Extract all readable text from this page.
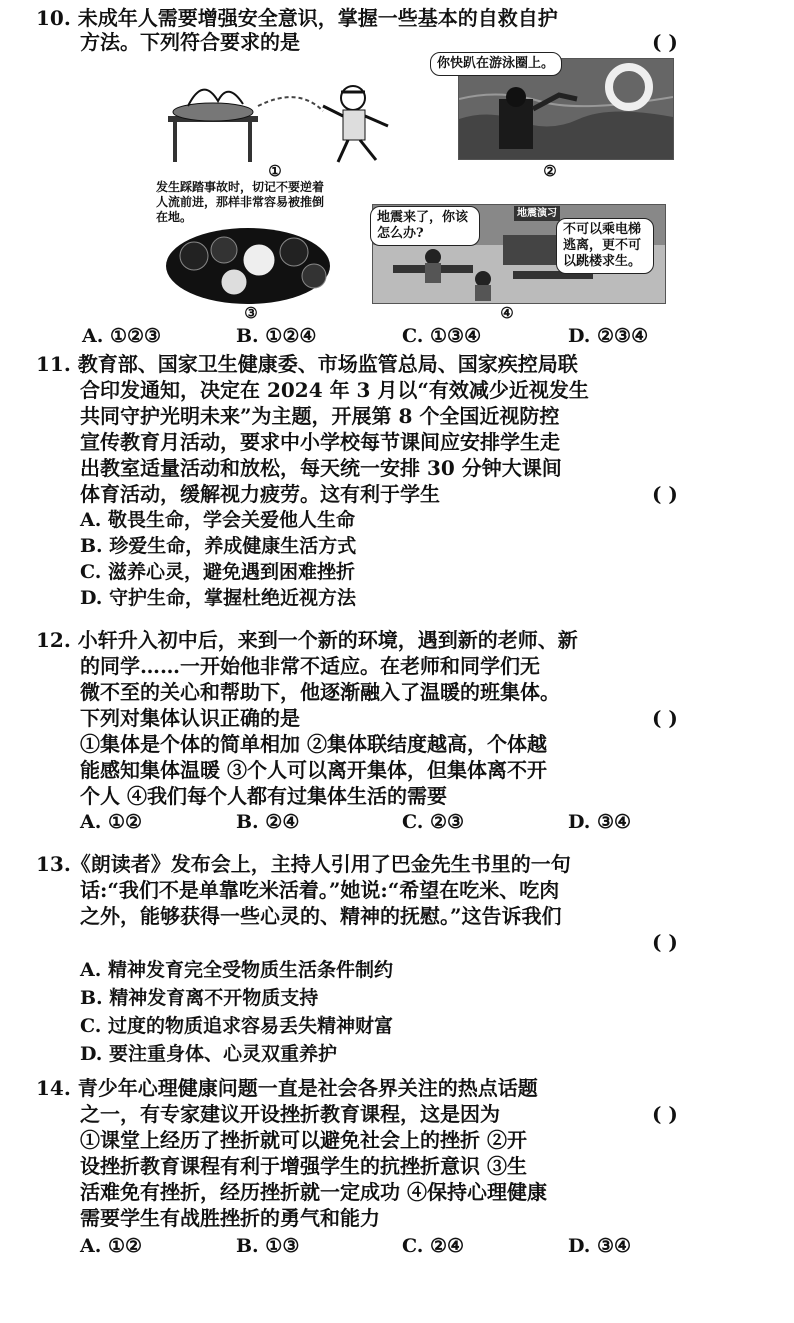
10. 未成年人需要增强安全意识，掌握一些基本的自救自护
方法。下列符合要求的是	( )
①
你快趴在游泳圈上。
②
发生踩踏事故时，切记不要逆着人流前进，那样非常容易被推倒在地。
③
地震演习
地震来了，你该怎么办?	不可以乘电梯逃离，更不可以跳楼求生。
④
A. ①②③	B. ①②④	C. ①③④	D. ②③④
11. 教育部、国家卫生健康委、市场监管总局、国家疾控局联
合印发通知，决定在 2024 年 3 月以“有效减少近视发生
共同守护光明未来”为主题，开展第 8 个全国近视防控
宣传教育月活动，要求中小学校每节课间应安排学生走
出教室适量活动和放松，每天统一安排 30 分钟大课间
体育活动，缓解视力疲劳。这有利于学生	( )
A. 敬畏生命，学会关爱他人生命
B. 珍爱生命，养成健康生活方式
C. 滋养心灵，避免遇到困难挫折
D. 守护生命，掌握杜绝近视方法
12. 小轩升入初中后，来到一个新的环境，遇到新的老师、新
的同学……一开始他非常不适应。在老师和同学们无
微不至的关心和帮助下，他逐渐融入了温暖的班集体。
下列对集体认识正确的是	( )
①集体是个体的简单相加 ②集体联结度越高，个体越
能感知集体温暖 ③个人可以离开集体，但集体离不开
个人 ④我们每个人都有过集体生活的需要
A. ①②	B. ②④	C. ②③	D. ③④
13.《朗读者》发布会上，主持人引用了巴金先生书里的一句
话:“我们不是单靠吃米活着。”她说:“希望在吃米、吃肉
之外，能够获得一些心灵的、精神的抚慰。”这告诉我们
( )
A. 精神发育完全受物质生活条件制约
B. 精神发育离不开物质支持
C. 过度的物质追求容易丢失精神财富
D. 要注重身体、心灵双重养护
14. 青少年心理健康问题一直是社会各界关注的热点话题
之一，有专家建议开设挫折教育课程，这是因为	( )
①课堂上经历了挫折就可以避免社会上的挫折 ②开
设挫折教育课程有利于增强学生的抗挫折意识 ③生
活难免有挫折，经历挫折就一定成功 ④保持心理健康
需要学生有战胜挫折的勇气和能力
A. ①②	B. ①③	C. ②④	D. ③④
